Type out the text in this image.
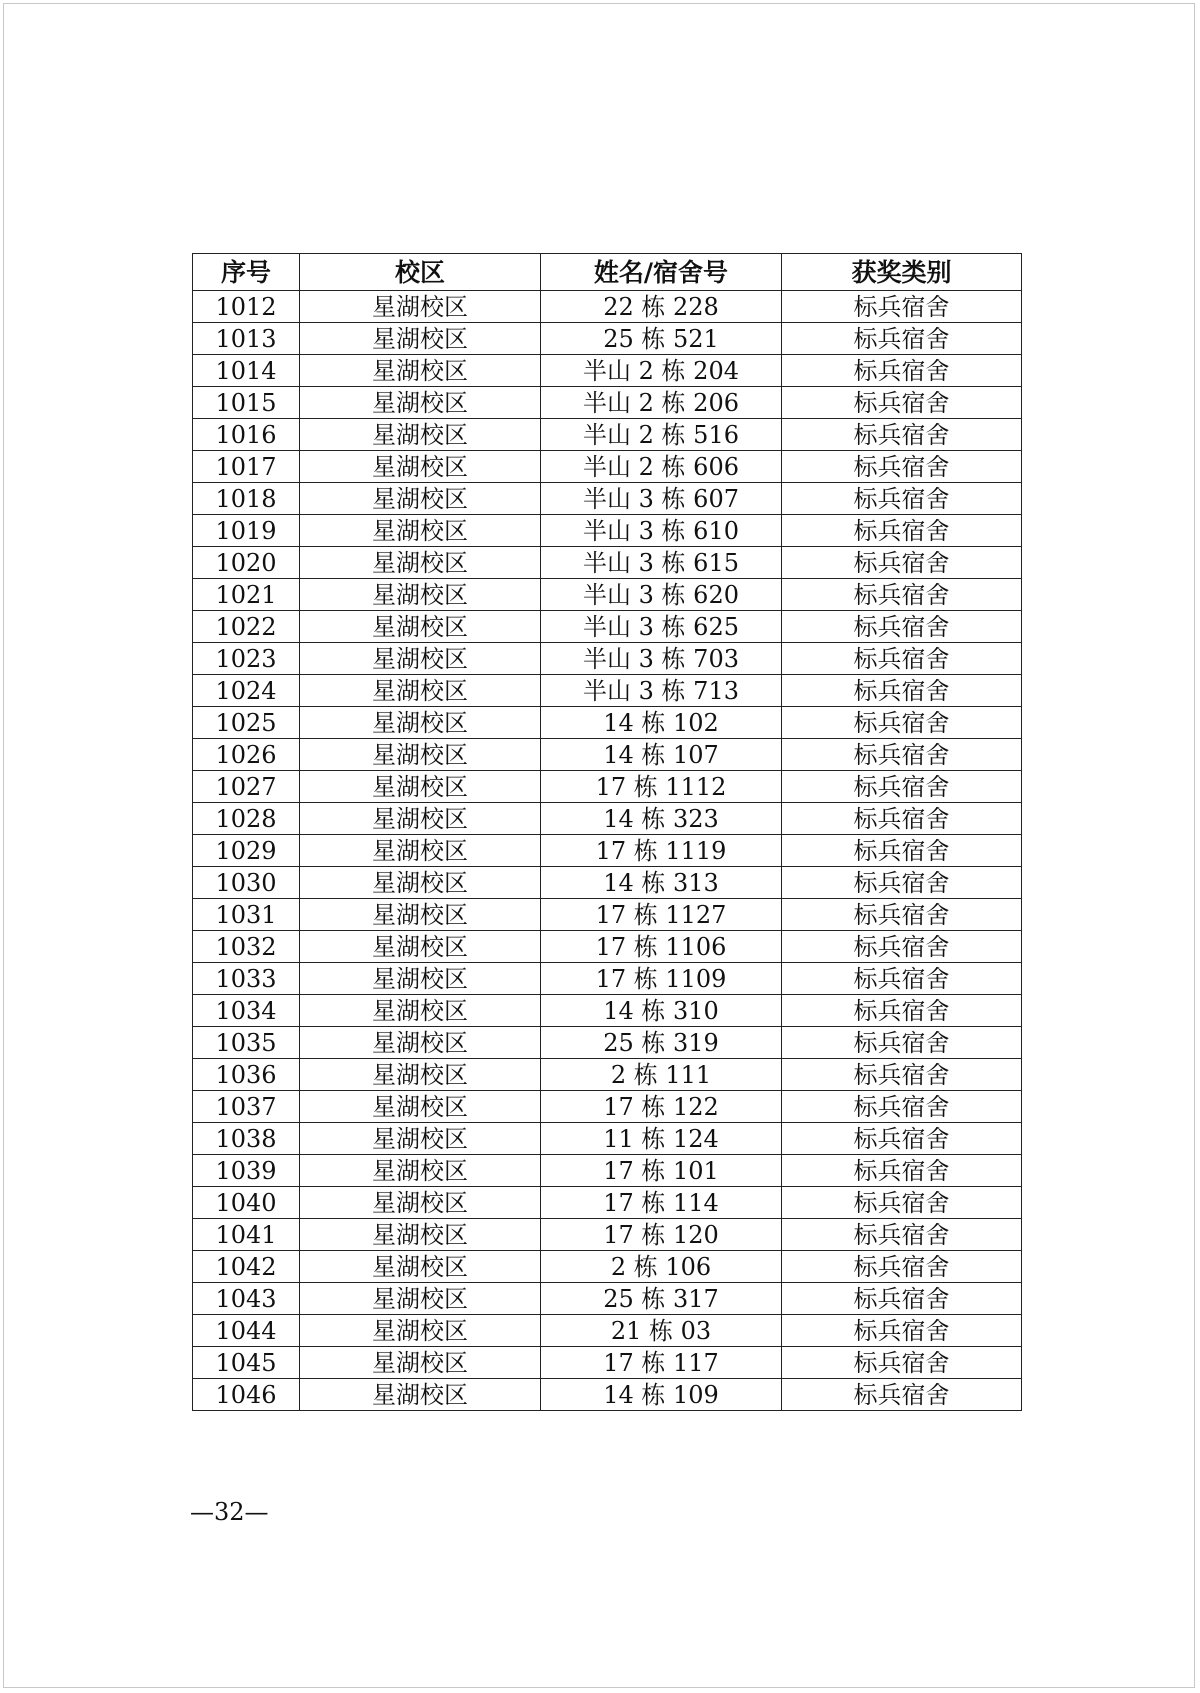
序号	校区	姓名/宿舍号	获奖类别
1012	星湖校区	22 栋 228	标兵宿舍
1013	星湖校区	25 栋 521	标兵宿舍
1014	星湖校区	半山 2 栋 204	标兵宿舍
1015	星湖校区	半山 2 栋 206	标兵宿舍
1016	星湖校区	半山 2 栋 516	标兵宿舍
1017	星湖校区	半山 2 栋 606	标兵宿舍
1018	星湖校区	半山 3 栋 607	标兵宿舍
1019	星湖校区	半山 3 栋 610	标兵宿舍
1020	星湖校区	半山 3 栋 615	标兵宿舍
1021	星湖校区	半山 3 栋 620	标兵宿舍
1022	星湖校区	半山 3 栋 625	标兵宿舍
1023	星湖校区	半山 3 栋 703	标兵宿舍
1024	星湖校区	半山 3 栋 713	标兵宿舍
1025	星湖校区	14 栋 102	标兵宿舍
1026	星湖校区	14 栋 107	标兵宿舍
1027	星湖校区	17 栋 1112	标兵宿舍
1028	星湖校区	14 栋 323	标兵宿舍
1029	星湖校区	17 栋 1119	标兵宿舍
1030	星湖校区	14 栋 313	标兵宿舍
1031	星湖校区	17 栋 1127	标兵宿舍
1032	星湖校区	17 栋 1106	标兵宿舍
1033	星湖校区	17 栋 1109	标兵宿舍
1034	星湖校区	14 栋 310	标兵宿舍
1035	星湖校区	25 栋 319	标兵宿舍
1036	星湖校区	2 栋 111	标兵宿舍
1037	星湖校区	17 栋 122	标兵宿舍
1038	星湖校区	11 栋 124	标兵宿舍
1039	星湖校区	17 栋 101	标兵宿舍
1040	星湖校区	17 栋 114	标兵宿舍
1041	星湖校区	17 栋 120	标兵宿舍
1042	星湖校区	2 栋 106	标兵宿舍
1043	星湖校区	25 栋 317	标兵宿舍
1044	星湖校区	21 栋 03	标兵宿舍
1045	星湖校区	17 栋 117	标兵宿舍
1046	星湖校区	14 栋 109	标兵宿舍
—32—
